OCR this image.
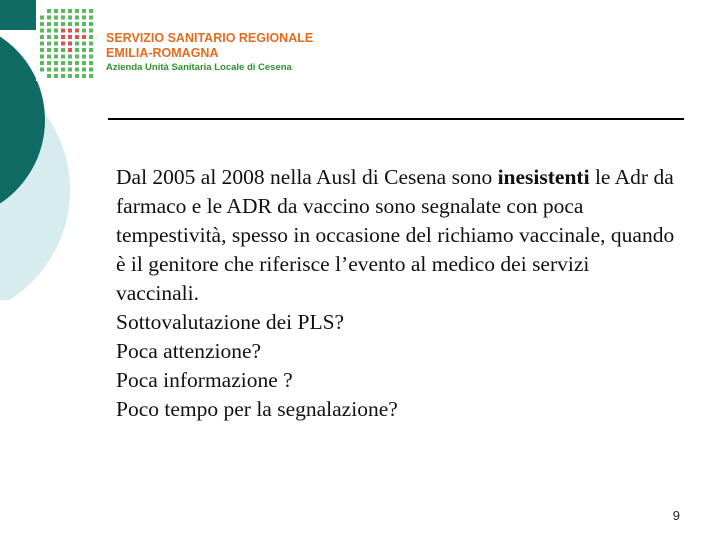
SERVIZIO SANITARIO REGIONALE
EMILIA-ROMAGNA
Azienda Unità Sanitaria Locale di Cesena

Dal 2005 al 2008 nella Ausl di Cesena sono inesistenti le Adr da farmaco e le ADR da vaccino sono segnalate con poca tempestività, spesso in occasione del richiamo vaccinale, quando è il genitore che riferisce l’evento al medico dei servizi vaccinali.

Sottovalutazione dei PLS?

Poca attenzione?

Poca informazione ?

Poco tempo per la segnalazione?

9
